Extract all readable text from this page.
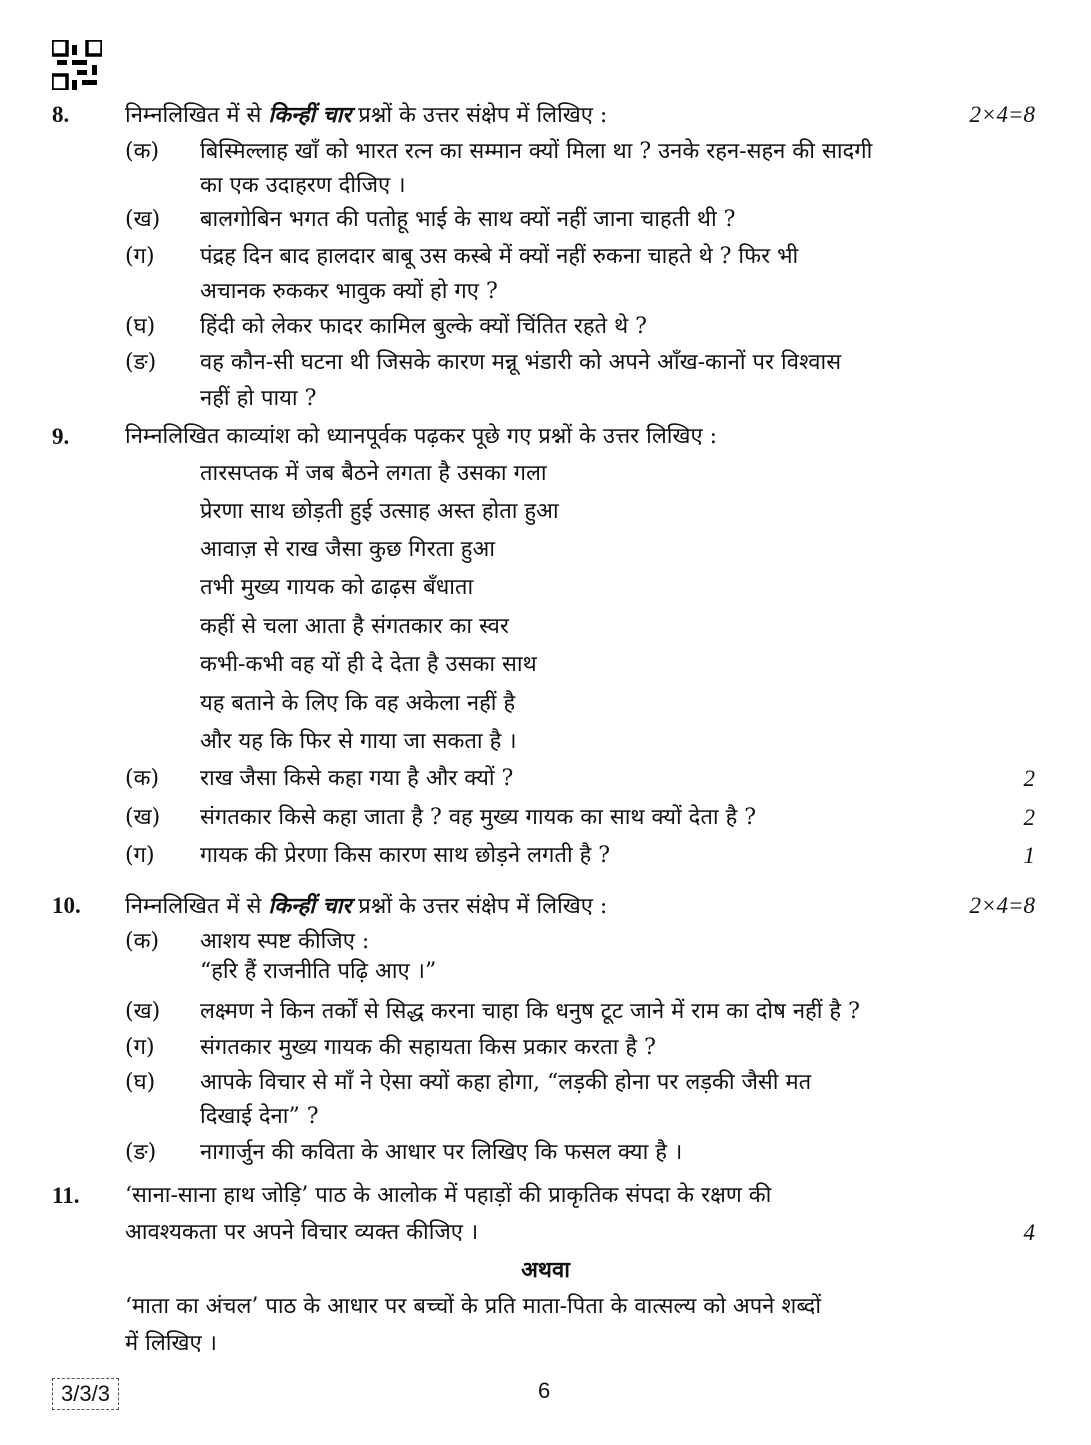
8.	निम्नलिखित में से किन्हीं चार प्रश्नों के उत्तर संक्षेप में लिखिए :	2×4=8
(क) बिस्मिल्लाह खाँ को भारत रत्न का सम्मान क्यों मिला था ? उनके रहन-सहन की सादगी
का एक उदाहरण दीजिए ।
(ख) बालगोबिन भगत की पतोहू भाई के साथ क्यों नहीं जाना चाहती थी ?
(ग) पंद्रह दिन बाद हालदार बाबू उस कस्बे में क्यों नहीं रुकना चाहते थे ? फिर भी
अचानक रुककर भावुक क्यों हो गए ?
(घ) हिंदी को लेकर फादर कामिल बुल्के क्यों चिंतित रहते थे ?
(ङ) वह कौन-सी घटना थी जिसके कारण मन्नू भंडारी को अपने आँख-कानों पर विश्वास
नहीं हो पाया ?
9.	निम्नलिखित काव्यांश को ध्यानपूर्वक पढ़कर पूछे गए प्रश्नों के उत्तर लिखिए :
तारसप्तक में जब बैठने लगता है उसका गला
प्रेरणा साथ छोड़ती हुई उत्साह अस्त होता हुआ
आवाज़ से राख जैसा कुछ गिरता हुआ
तभी मुख्य गायक को ढाढ़स बँधाता
कहीं से चला आता है संगतकार का स्वर
कभी-कभी वह यों ही दे देता है उसका साथ
यह बताने के लिए कि वह अकेला नहीं है
और यह कि फिर से गाया जा सकता है ।
(क) राख जैसा किसे कहा गया है और क्यों ?	2
(ख) संगतकार किसे कहा जाता है ? वह मुख्य गायक का साथ क्यों देता है ?	2
(ग) गायक की प्रेरणा किस कारण साथ छोड़ने लगती है ?	1
10. निम्नलिखित में से किन्हीं चार प्रश्नों के उत्तर संक्षेप में लिखिए :	2×4=8
(क) आशय स्पष्ट कीजिए :
“हरि हैं राजनीति पढ़ि आए ।”
(ख) लक्ष्मण ने किन तर्कों से सिद्ध करना चाहा कि धनुष टूट जाने में राम का दोष नहीं है ?
(ग) संगतकार मुख्य गायक की सहायता किस प्रकार करता है ?
(घ) आपके विचार से माँ ने ऐसा क्यों कहा होगा, “लड़की होना पर लड़की जैसी मत
दिखाई देना” ?
(ङ) नागार्जुन की कविता के आधार पर लिखिए कि फसल क्या है ।
11. ‘साना-साना हाथ जोड़ि’ पाठ के आलोक में पहाड़ों की प्राकृतिक संपदा के रक्षण की
आवश्यकता पर अपने विचार व्यक्त कीजिए ।	4
अथवा
‘माता का अंचल’ पाठ के आधार पर बच्चों के प्रति माता-पिता के वात्सल्य को अपने शब्दों
में लिखिए ।
3/3/3	6
